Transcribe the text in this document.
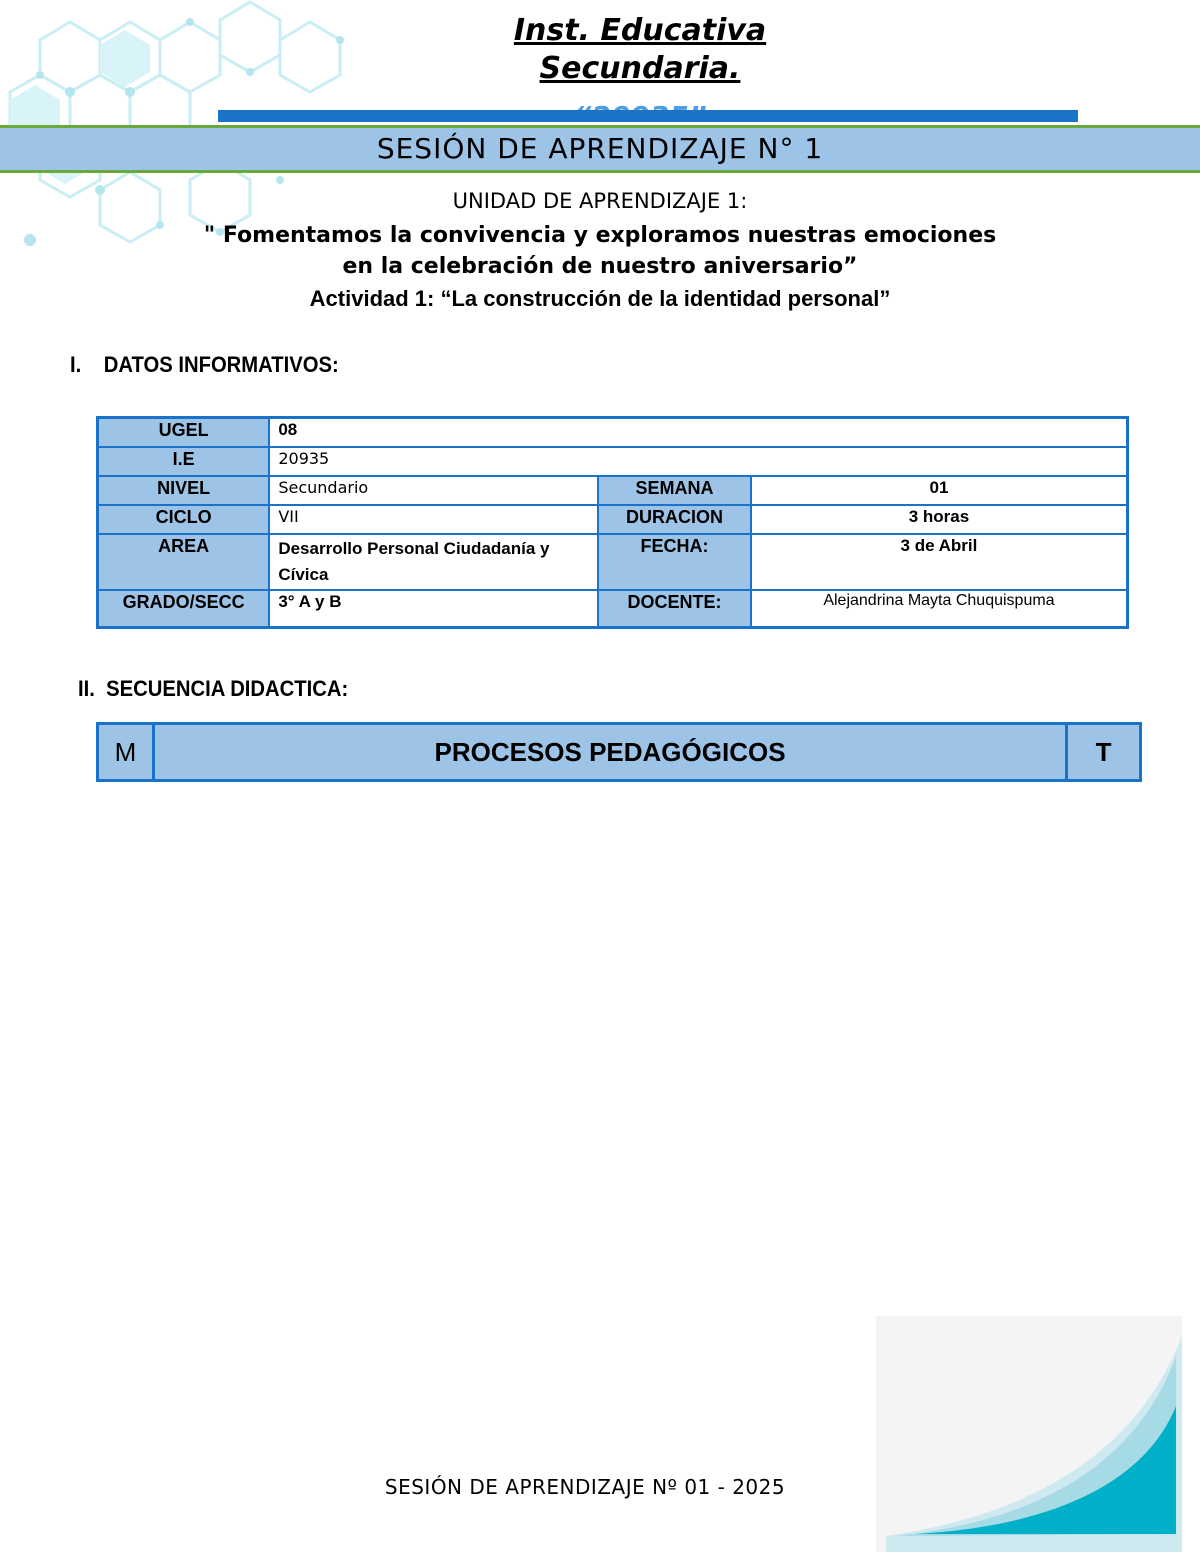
Inst. Educativa
Secundaria.
SESIÓN DE APRENDIZAJE N° 1
UNIDAD DE APRENDIZAJE 1:
" Fomentamos la convivencia y exploramos nuestras emociones
en la celebración de nuestro aniversario”
Actividad 1: “La construcción de la identidad personal”
I.    DATOS INFORMATIVOS:
UGEL	08		
I.E	20935		
NIVEL	Secundario	SEMANA	01
CICLO	VII	DURACION	3 horas
AREA	Desarrollo Personal Ciudadanía y Cívica	FECHA:	3 de Abril
GRADO/SECC	3° A y B	DOCENTE:	Alejandrina Mayta Chuquispuma
II.  SECUENCIA DIDACTICA:
M	PROCESOS PEDAGÓGICOS	T
SESIÓN DE APRENDIZAJE Nº 01 - 2025
